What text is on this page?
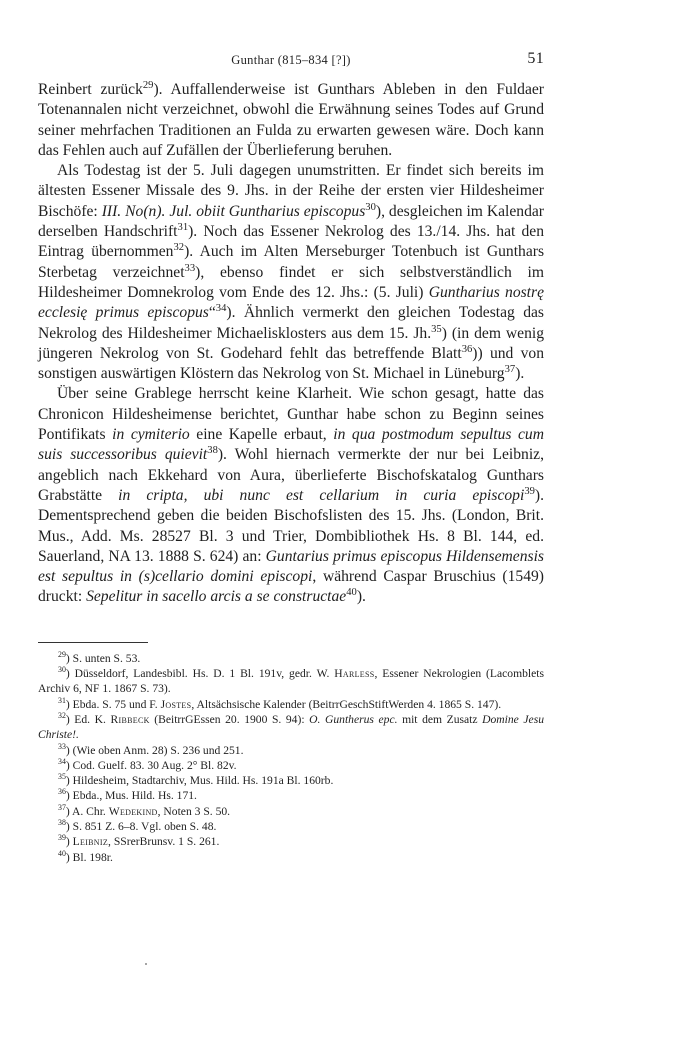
Gunthar (815–834 [?])	51

Reinbert zurück$^{29}$). Auffallenderweise ist Gunthars Ableben in den Fuldaer Totenannalen nicht verzeichnet, obwohl die Erwähnung seines Todes auf Grund seiner mehrfachen Traditionen an Fulda zu erwarten gewesen wäre. Doch kann das Fehlen auch auf Zufällen der Überlieferung beruhen.

Als Todestag ist der 5. Juli dagegen unumstritten. Er findet sich bereits im ältesten Essener Missale des 9. Jhs. in der Reihe der ersten vier Hildesheimer Bischöfe: III. No(n). Jul. obiit Guntharius episcopus$^{30}$), desgleichen im Kalendar derselben Handschrift$^{31}$). Noch das Essener Nekrolog des 13./14. Jhs. hat den Eintrag übernommen$^{32}$). Auch im Alten Merseburger Totenbuch ist Gunthars Sterbetag verzeichnet$^{33}$), ebenso findet er sich selbstverständlich im Hildesheimer Domnekrolog vom Ende des 12. Jhs.: (5. Juli) Guntharius nostrę ecclesię primus episcopus“$^{34}$). Ähnlich vermerkt den gleichen Todestag das Nekrolog des Hildesheimer Michaelisklosters aus dem 15. Jh.$^{35}$) (in dem wenig jüngeren Nekrolog von St. Godehard fehlt das betreffende Blatt$^{36}$)) und von sonstigen auswärtigen Klöstern das Nekrolog von St. Michael in Lüneburg$^{37}$).

Über seine Grablege herrscht keine Klarheit. Wie schon gesagt, hatte das Chronicon Hildesheimense berichtet, Gunthar habe schon zu Beginn seines Pontifikats in cymiterio eine Kapelle erbaut, in qua postmodum sepultus cum suis successoribus quievit$^{38}$). Wohl hiernach vermerkte der nur bei Leibniz, angeblich nach Ekkehard von Aura, überlieferte Bischofskatalog Gunthars Grabstätte in cripta, ubi nunc est cellarium in curia episcopi$^{39}$). Dementsprechend geben die beiden Bischofslisten des 15. Jhs. (London, Brit. Mus., Add. Ms. 28527 Bl. 3 und Trier, Dombibliothek Hs. 8 Bl. 144, ed. Sauerland, NA 13. 1888 S. 624) an: Guntarius primus episcopus Hildensemensis est sepultus in (s)cellario domini episcopi, während Caspar Bruschius (1549) druckt: Sepelitur in sacello arcis a se constructae$^{40}$).

$^{29}$) S. unten S. 53.

$^{30}$) Düsseldorf, Landesbibl. Hs. D. 1 Bl. 191v, gedr. W. Harless, Essener Nekrologien (Lacomblets Archiv 6, NF 1. 1867 S. 73).

$^{31}$) Ebda. S. 75 und F. Jostes, Altsächsische Kalender (BeitrrGeschStiftWerden 4. 1865 S. 147).

$^{32}$) Ed. K. Ribbeck (BeitrrGEssen 20. 1900 S. 94): O. Guntherus epc. mit dem Zusatz Domine Jesu Christe!.

$^{33}$) (Wie oben Anm. 28) S. 236 und 251.

$^{34}$) Cod. Guelf. 83. 30 Aug. 2° Bl. 82v.

$^{35}$) Hildesheim, Stadtarchiv, Mus. Hild. Hs. 191a Bl. 160rb.

$^{36}$) Ebda., Mus. Hild. Hs. 171.

$^{37}$) A. Chr. Wedekind, Noten 3 S. 50.

$^{38}$) S. 851 Z. 6–8. Vgl. oben S. 48.

$^{39}$) Leibniz, SSrerBrunsv. 1 S. 261.

$^{40}$) Bl. 198r.
